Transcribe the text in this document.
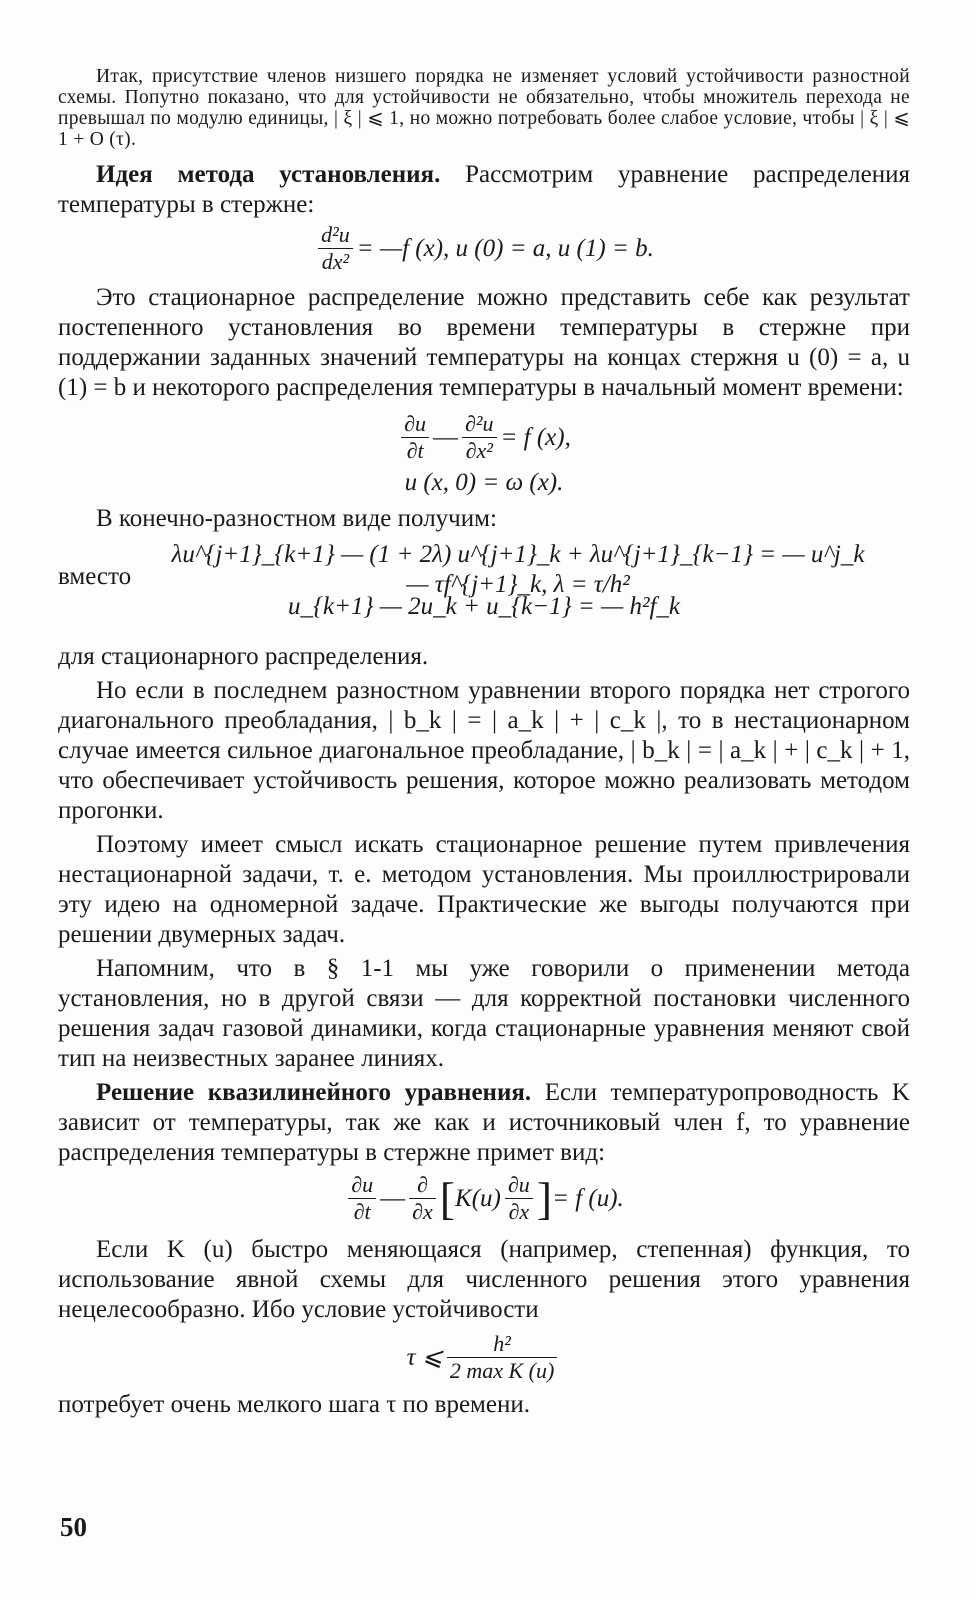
Итак, присутствие членов низшего порядка не изменяет условий устойчивости разностной схемы. Попутно показано, что для устойчивости не обязательно, чтобы множитель перехода не превышал по модулю единицы, | ξ | ⩽ 1, но можно потребовать более слабое условие, чтобы | ξ | ⩽ 1 + O (τ).

Идея метода установления. Рассмотрим уравнение распределения температуры в стержне:

$\frac{\text{d²u}}{\text{dx²}}$ = —f (x), u (0) = a, u (1) = b.

Это стационарное распределение можно представить себе как результат постепенного установления во времени температуры в стержне при поддержании заданных значений температуры на концах стержня u (0) = a, u (1) = b и некоторого распределения температуры в начальный момент времени:

$\frac{\partial u}{\partial t}$ — $\frac{\text{∂²u}}{\text{∂x²}} = f$ (x),
u (x, 0) = ω (x).

В конечно-разностном виде получим:

λu^{j+1}_{k+1} — (1 + 2λ) u^{j+1}_k + λu^{j+1}_{k−1} = — u^j_k — τf^{j+1}_k, λ = τ/h²
вместо
u_{k+1} — 2u_k + u_{k−1} = — h²f_k

для стационарного распределения.

Но если в последнем разностном уравнении второго порядка нет строгого диагонального преобладания, | b_k | = | a_k | + | c_k |, то в нестационарном случае имеется сильное диагональное преобладание, | b_k | = | a_k | + | c_k | + 1, что обеспечивает устойчивость решения, которое можно реализовать методом прогонки.

Поэтому имеет смысл искать стационарное решение путем привлечения нестационарной задачи, т. е. методом установления. Мы проиллюстрировали эту идею на одномерной задаче. Практические же выгоды получаются при решении двумерных задач.

Напомним, что в § 1-1 мы уже говорили о применении метода установления, но в другой связи — для корректной постановки численного решения задач газовой динамики, когда стационарные уравнения меняют свой тип на неизвестных заранее линиях.

Решение квазилинейного уравнения. Если температуропроводность K зависит от температуры, так же как и источниковый член f, то уравнение распределения температуры в стержне примет вид:

$\frac{\partial u}{\partial t}$ — $\frac{\partial}{\partial x}$ [ $K(u) \frac{\partial u}{\partial x}$ ] = f (u).

Если K (u) быстро меняющаяся (например, степенная) функция, то использование явной схемы для численного решения этого уравнения нецелесообразно. Ибо условие устойчивости

τ ⩽ $\frac{\text{h²}}{\text{2 max K (u)}}$

потребует очень мелкого шага τ по времени.

50
